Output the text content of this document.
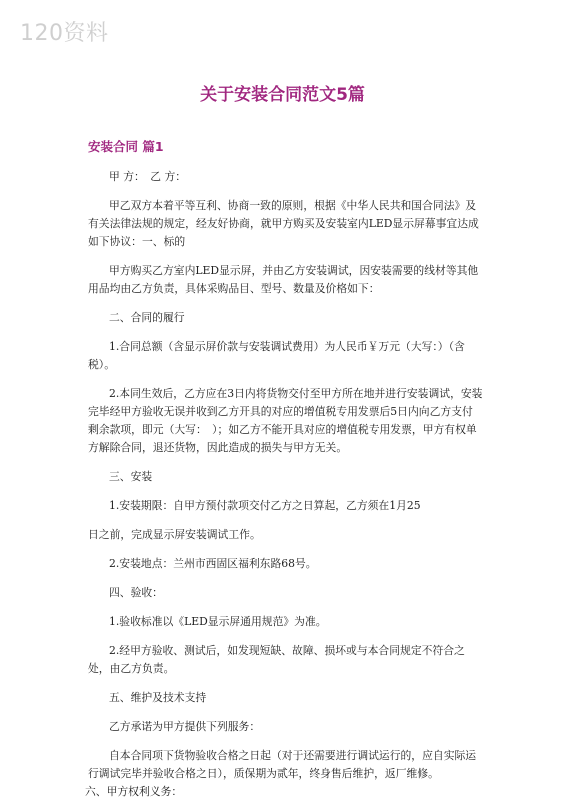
120资料
关于安装合同范文5篇
安装合同 篇1

甲 方：　乙 方：

甲乙双方本着平等互利、协商一致的原则，根据《中华人民共和国合同法》及有关法律法规的规定，经友好协商，就甲方购买及安装室内LED显示屏幕事宜达成如下协议：一、标的

甲方购买乙方室内LED显示屏，并由乙方安装调试，因安装需要的线材等其他用品均由乙方负责，具体采购品目、型号、数量及价格如下：

二、合同的履行

1.合同总额（含显示屏价款与安装调试费用）为人民币￥万元（大写：）（含税）。

2.本同生效后，乙方应在3日内将货物交付至甲方所在地并进行安装调试，安装完毕经甲方验收无误并收到乙方开具的对应的增值税专用发票后5日内向乙方支付剩余款项，即元（大写：　）；如乙方不能开具对应的增值税专用发票，甲方有权单方解除合同，退还货物，因此造成的损失与甲方无关。

三、安装

1.安装期限：自甲方预付款项交付乙方之日算起，乙方须在1月25

日之前，完成显示屏安装调试工作。

2.安装地点：兰州市西固区福利东路68号。

四、验收：

1.验收标准以《LED显示屏通用规范》为准。

2.经甲方验收、测试后，如发现短缺、故障、损坏或与本合同规定不符合之处，由乙方负责。

五、维护及技术支持

乙方承诺为甲方提供下列服务：

自本合同项下货物验收合格之日起（对于还需要进行调试运行的，应自实际运行调试完毕并验收合格之日），质保期为贰年，终身售后维护，返厂维修。

六、甲方权利义务：
